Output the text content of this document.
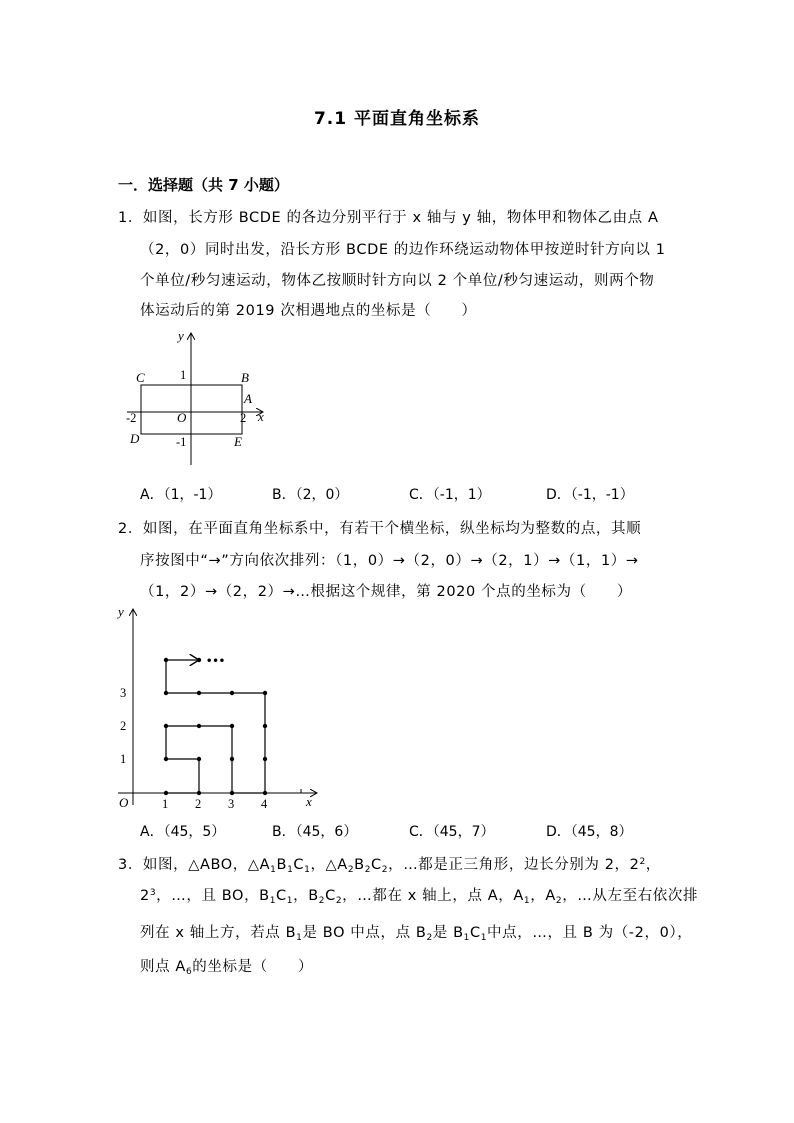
7.1 平面直角坐标系
一．选择题（共 7 小题）
1．如图，长方形 BCDE 的各边分别平行于 x 轴与 y 轴，物体甲和物体乙由点 A
（2，0）同时出发，沿长方形 BCDE 的边作环绕运动物体甲按逆时针方向以 1
个单位/秒匀速运动，物体乙按顺时针方向以 2 个单位/秒匀速运动，则两个物
体运动后的第 2019 次相遇地点的坐标是（　　）
y
x
C	B
A
D	E
O
1
-1
2
-2
A．（1，-1）	B．（2，0）	C．（-1，1）	D．（-1，-1）
2．如图，在平面直角坐标系中，有若干个横坐标，纵坐标均为整数的点，其顺
序按图中“→”方向依次排列：（1，0）→（2，0）→（2，1）→（1，1）→
（1，2）→（2，2）→…根据这个规律，第 2020 个点的坐标为（　　）
•••
y
x
O	1 2 3 4
1
2
3
A．（45，5）	B．（45，6）	C．（45，7）	D．（45，8）
3．如图，△ABO，$\triangle A_1B_1C_1$，$\triangle A_2B_2C_2$，…都是正三角形，边长分别为 2，$2^2$，
$2^3$，…，且 BO，$B_1C_1$，$B_2C_2$，…都在 x 轴上，点 A，$A_1$，$A_2$，…从左至右依次排
列在 x 轴上方，若点 $B_1$是 BO 中点，点 $B_2$是 $B_1C_1$中点，…，且 B 为（-2，0），
则点 $A_6$的坐标是（　　）
